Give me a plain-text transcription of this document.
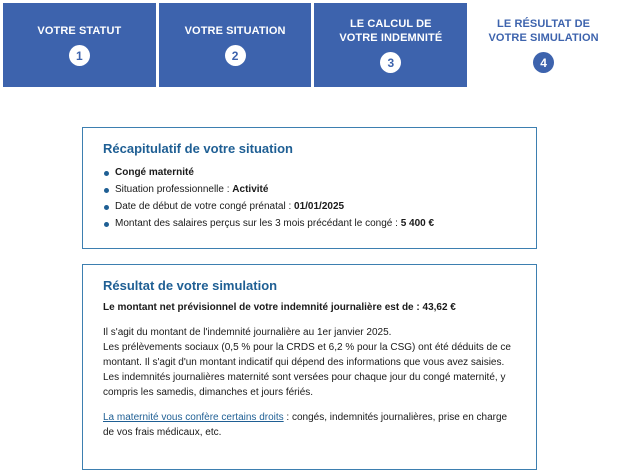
VOTRE STATUT
1
VOTRE SITUATION
2
LE CALCUL DE
VOTRE INDEMNITÉ
3
LE RÉSULTAT DE
VOTRE SIMULATION
4
Récapitulatif de votre situation
Congé maternité
Situation professionnelle : Activité
Date de début de votre congé prénatal : 01/01/2025
Montant des salaires perçus sur les 3 mois précédant le congé : 5 400 €
Résultat de votre simulation

Le montant net prévisionnel de votre indemnité journalière est de : 43,62 €

Il s'agit du montant de l'indemnité journalière au 1er janvier 2025.
Les prélèvements sociaux (0,5 % pour la CRDS et 6,2 % pour la CSG) ont été déduits de ce montant. Il s'agit d'un montant indicatif qui dépend des informations que vous avez saisies. Les indemnités journalières maternité sont versées pour chaque jour du congé maternité, y compris les samedis, dimanches et jours fériés.

La maternité vous confère certains droits : congés, indemnités journalières, prise en charge de vos frais médicaux, etc.
